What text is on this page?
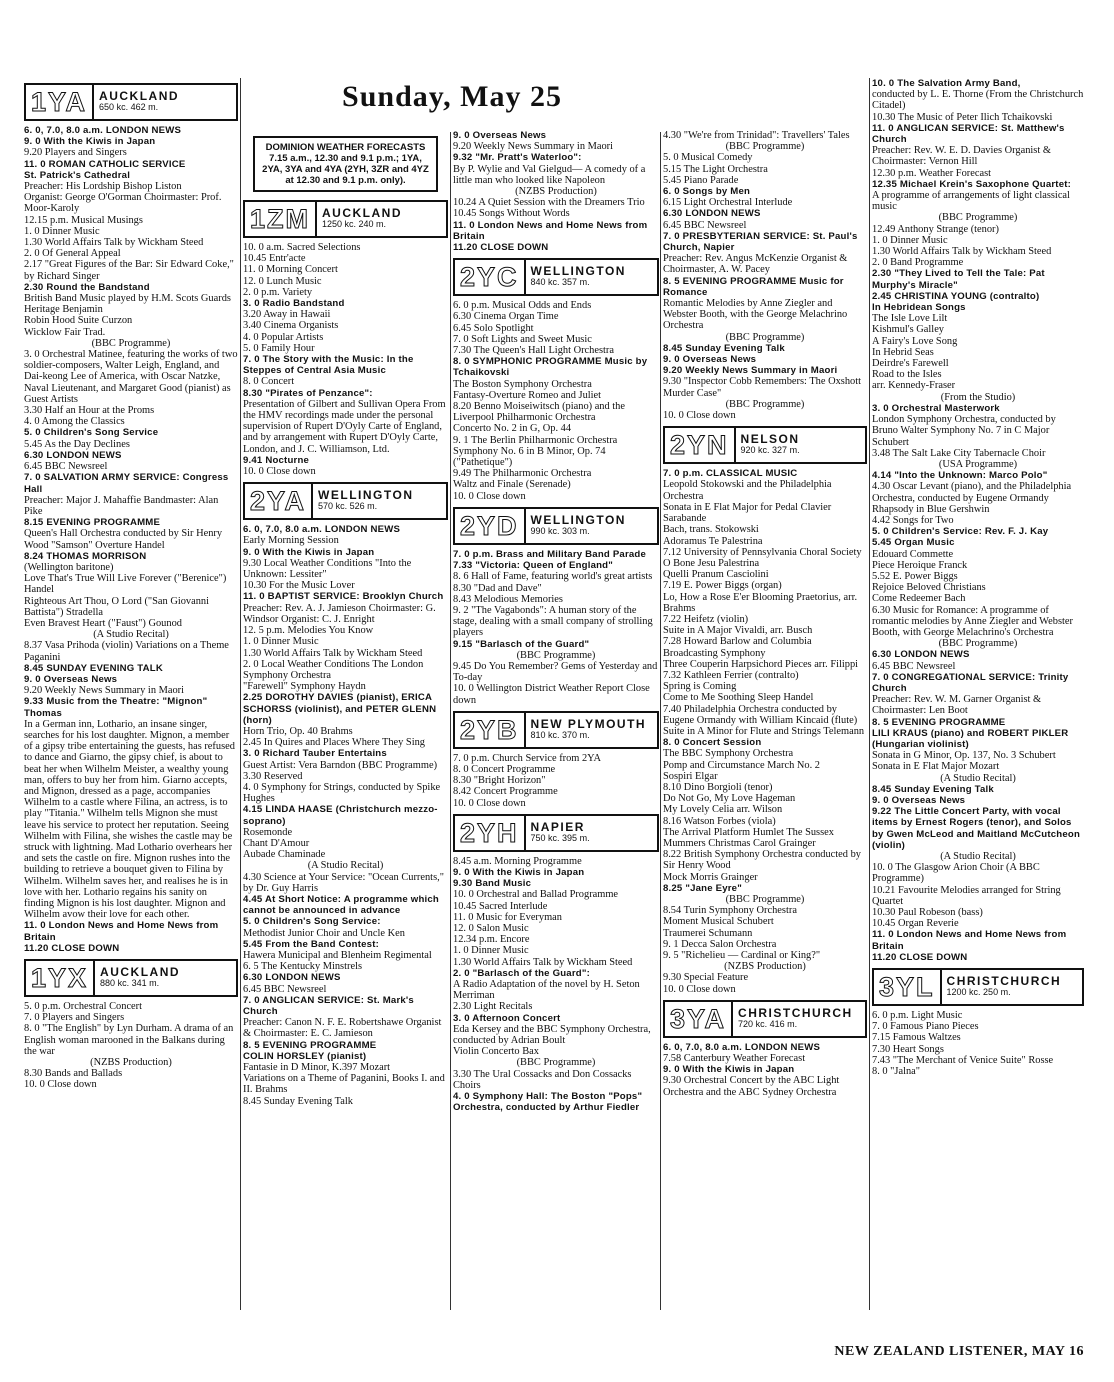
Sunday, May 25
1YA	AUCKLAND
650 kc. 462 m.

6. 0, 7.0, 8.0 a.m. LONDON NEWS

9. 0 With the Kiwis in Japan

9.20 Players and Singers

11. 0 ROMAN CATHOLIC SERVICE

St. Patrick's Cathedral

Preacher: His Lordship Bishop Liston

Organist: George O'Gorman Choirmaster: Prof. Moor-Karoly

12.15 p.m. Musical Musings

1. 0 Dinner Music

1.30 World Affairs Talk by Wickham Steed

2. 0 Of General Appeal

2.17 "Great Figures of the Bar: Sir Edward Coke," by Richard Singer

2.30 Round the Bandstand

British Band Music played by H.M. Scots Guards

Heritage Benjamin

Robin Hood Suite Curzon

Wicklow Fair Trad.

(BBC Programme)

3. 0 Orchestral Matinee, featuring the works of two soldier-composers, Walter Leigh, England, and Dai-keong Lee of America, with Oscar Natzke, Naval Lieutenant, and Margaret Good (pianist) as Guest Artists

3.30 Half an Hour at the Proms

4. 0 Among the Classics

5. 0 Children's Song Service

5.45 As the Day Declines

6.30 LONDON NEWS

6.45 BBC Newsreel

7. 0 SALVATION ARMY SERVICE: Congress Hall

Preacher: Major J. Mahaffie Bandmaster: Alan Pike

8.15 EVENING PROGRAMME

Queen's Hall Orchestra conducted by Sir Henry Wood "Samson" Overture Handel

8.24 THOMAS MORRISON

(Wellington baritone)

Love That's True Will Live Forever ("Berenice") Handel

Righteous Art Thou, O Lord ("San Giovanni Battista") Stradella

Even Bravest Heart ("Faust") Gounod

(A Studio Recital)

8.37 Vasa Prihoda (violin) Variations on a Theme Paganini

8.45 SUNDAY EVENING TALK

9. 0 Overseas News

9.20 Weekly News Summary in Maori

9.33 Music from the Theatre: "Mignon" Thomas

In a German inn, Lothario, an insane singer, searches for his lost daughter. Mignon, a member of a gipsy tribe entertaining the guests, has refused to dance and Giarno, the gipsy chief, is about to beat her when Wilhelm Meister, a wealthy young man, offers to buy her from him. Giarno accepts, and Mignon, dressed as a page, accompanies Wilhelm to a castle where Filina, an actress, is to play "Titania." Wilhelm tells Mignon she must leave his service to protect her reputation. Seeing Wilhelm with Filina, she wishes the castle may be struck with lightning. Mad Lothario overhears her and sets the castle on fire. Mignon rushes into the building to retrieve a bouquet given to Filina by Wilhelm. Wilhelm saves her, and realises he is in love with her. Lothario regains his sanity on finding Mignon is his lost daughter. Mignon and Wilhelm avow their love for each other.

11. 0 London News and Home News from Britain

11.20 CLOSE DOWN

1YX	AUCKLAND
880 kc. 341 m.

5. 0 p.m. Orchestral Concert

7. 0 Players and Singers

8. 0 "The English" by Lyn Durham. A drama of an English woman marooned in the Balkans during the war

(NZBS Production)

8.30 Bands and Ballads

10. 0 Close down

DOMINION WEATHER FORECASTS 7.15 a.m., 12.30 and 9.1 p.m.; 1YA, 2YA, 3YA and 4YA (2YH, 3ZR and 4YZ at 12.30 and 9.1 p.m. only).
1ZM	AUCKLAND
1250 kc. 240 m.

10. 0 a.m. Sacred Selections

10.45 Entr'acte

11. 0 Morning Concert

12. 0 Lunch Music

2. 0 p.m. Variety

3. 0 Radio Bandstand

3.20 Away in Hawaii

3.40 Cinema Organists

4. 0 Popular Artists

5. 0 Family Hour

7. 0 The Story with the Music: In the Steppes of Central Asia Music

8. 0 Concert

8.30 "Pirates of Penzance":

Presentation of Gilbert and Sullivan Opera From the HMV recordings made under the personal supervision of Rupert D'Oyly Carte of England, and by arrangement with Rupert D'Oyly Carte, London, and J. C. Williamson, Ltd.

9.41 Nocturne

10. 0 Close down

2YA	WELLINGTON
570 kc. 526 m.

6. 0, 7.0, 8.0 a.m. LONDON NEWS

Early Morning Session

9. 0 With the Kiwis in Japan

9.30 Local Weather Conditions "Into the Unknown: Lessiter"

10.30 For the Music Lover

11. 0 BAPTIST SERVICE: Brooklyn Church

Preacher: Rev. A. J. Jamieson Choirmaster: G. Windsor Organist: C. J. Enright

12. 5 p.m. Melodies You Know

1. 0 Dinner Music

1.30 World Affairs Talk by Wickham Steed

2. 0 Local Weather Conditions The London Symphony Orchestra

"Farewell" Symphony Haydn

2.25 DOROTHY DAVIES (pianist), ERICA SCHORSS (violinist), and PETER GLENN (horn)

Horn Trio, Op. 40 Brahms

2.45 In Quires and Places Where They Sing

3. 0 Richard Tauber Entertains

Guest Artist: Vera Barndon (BBC Programme)

3.30 Reserved

4. 0 Symphony for Strings, conducted by Spike Hughes

4.15 LINDA HAASE (Christchurch mezzo-soprano)

Rosemonde

Chant D'Amour

Aubade Chaminade

(A Studio Recital)

4.30 Science at Your Service: "Ocean Currents," by Dr. Guy Harris

4.45 At Short Notice: A programme which cannot be announced in advance

5. 0 Children's Song Service:

Methodist Junior Choir and Uncle Ken

5.45 From the Band Contest:

Hawera Municipal and Blenheim Regimental

6. 5 The Kentucky Minstrels

6.30 LONDON NEWS

6.45 BBC Newsreel

7. 0 ANGLICAN SERVICE: St. Mark's Church

Preacher: Canon N. F. E. Robertshawe Organist & Choirmaster: E. C. Jamieson

8. 5 EVENING PROGRAMME

COLIN HORSLEY (pianist)

Fantasie in D Minor, K.397 Mozart

Variations on a Theme of Paganini, Books I. and II. Brahms

8.45 Sunday Evening Talk

9. 0 Overseas News

9.20 Weekly News Summary in Maori

9.32 "Mr. Pratt's Waterloo":

By P. Wylie and Val Gielgud— A comedy of a little man who looked like Napoleon

(NZBS Production)

10.24 A Quiet Session with the Dreamers Trio

10.45 Songs Without Words

11. 0 London News and Home News from Britain

11.20 CLOSE DOWN

2YC	WELLINGTON
840 kc. 357 m.

6. 0 p.m. Musical Odds and Ends

6.30 Cinema Organ Time

6.45 Solo Spotlight

7. 0 Soft Lights and Sweet Music

7.30 The Queen's Hall Light Orchestra

8. 0 SYMPHONIC PROGRAMME Music by Tchaikovski

The Boston Symphony Orchestra

Fantasy-Overture Romeo and Juliet

8.20 Benno Moiseiwitsch (piano) and the Liverpool Philharmonic Orchestra

Concerto No. 2 in G, Op. 44

9. 1 The Berlin Philharmonic Orchestra

Symphony No. 6 in B Minor, Op. 74 ("Pathetique")

9.49 The Philharmonic Orchestra

Waltz and Finale (Serenade)

10. 0 Close down

2YD	WELLINGTON
990 kc. 303 m.

7. 0 p.m. Brass and Military Band Parade

7.33 "Victoria: Queen of England"

8. 6 Hall of Fame, featuring world's great artists

8.30 "Dad and Dave"

8.43 Melodious Memories

9. 2 "The Vagabonds": A human story of the stage, dealing with a small company of strolling players

9.15 "Barlasch of the Guard"

(BBC Programme)

9.45 Do You Remember? Gems of Yesterday and To-day

10. 0 Wellington District Weather Report Close down

2YB	NEW PLYMOUTH
810 kc. 370 m.

7. 0 p.m. Church Service from 2YA

8. 0 Concert Programme

8.30 "Bright Horizon"

8.42 Concert Programme

10. 0 Close down

2YH	NAPIER
750 kc. 395 m.

8.45 a.m. Morning Programme

9. 0 With the Kiwis in Japan

9.30 Band Music

10. 0 Orchestral and Ballad Programme

10.45 Sacred Interlude

11. 0 Music for Everyman

12. 0 Salon Music

12.34 p.m. Encore

1. 0 Dinner Music

1.30 World Affairs Talk by Wickham Steed

2. 0 "Barlasch of the Guard":

A Radio Adaptation of the novel by H. Seton Merriman

2.30 Light Recitals

3. 0 Afternoon Concert

Eda Kersey and the BBC Symphony Orchestra, conducted by Adrian Boult

Violin Concerto Bax

(BBC Programme)

3.30 The Ural Cossacks and Don Cossacks Choirs

4. 0 Symphony Hall: The Boston "Pops" Orchestra, conducted by Arthur Fiedler

4.30 "We're from Trinidad": Travellers' Tales

(BBC Programme)

5. 0 Musical Comedy

5.15 The Light Orchestra

5.45 Piano Parade

6. 0 Songs by Men

6.15 Light Orchestral Interlude

6.30 LONDON NEWS

6.45 BBC Newsreel

7. 0 PRESBYTERIAN SERVICE: St. Paul's Church, Napier

Preacher: Rev. Angus McKenzie Organist & Choirmaster, A. W. Pacey

8. 5 EVENING PROGRAMME Music for Romance

Romantic Melodies by Anne Ziegler and Webster Booth, with the George Melachrino Orchestra

(BBC Programme)

8.45 Sunday Evening Talk

9. 0 Overseas News

9.20 Weekly News Summary in Maori

9.30 "Inspector Cobb Remembers: The Oxshott Murder Case"

(BBC Programme)

10. 0 Close down

2YN	NELSON
920 kc. 327 m.

7. 0 p.m. CLASSICAL MUSIC

Leopold Stokowski and the Philadelphia Orchestra

Sonata in E Flat Major for Pedal Clavier

Sarabande

Bach, trans. Stokowski

Adoramus Te Palestrina

7.12 University of Pennsylvania Choral Society

O Bone Jesu Palestrina

Quelli Pranum Casciolini

7.19 E. Power Biggs (organ)

Lo, How a Rose E'er Blooming Praetorius, arr. Brahms

7.22 Heifetz (violin)

Suite in A Major Vivaldi, arr. Busch

7.28 Howard Barlow and Columbia Broadcasting Symphony

Three Couperin Harpsichord Pieces arr. Filippi

7.32 Kathleen Ferrier (contralto)

Spring is Coming

Come to Me Soothing Sleep Handel

7.40 Philadelphia Orchestra conducted by Eugene Ormandy with William Kincaid (flute)

Suite in A Minor for Flute and Strings Telemann

8. 0 Concert Session

The BBC Symphony Orchestra

Pomp and Circumstance March No. 2

Sospiri Elgar

8.10 Dino Borgioli (tenor)

Do Not Go, My Love Hageman

My Lovely Celia arr. Wilson

8.16 Watson Forbes (viola)

The Arrival Platform Humlet The Sussex Mummers Christmas Carol Grainger

8.22 British Symphony Orchestra conducted by Sir Henry Wood

Mock Morris Grainger

8.25 "Jane Eyre"

(BBC Programme)

8.54 Turin Symphony Orchestra

Moment Musical Schubert

Traumerei Schumann

9. 1 Decca Salon Orchestra

9. 5 "Richelieu — Cardinal or King?"

(NZBS Production)

9.30 Special Feature

10. 0 Close down

3YA	CHRISTCHURCH
720 kc. 416 m.

6. 0, 7.0, 8.0 a.m. LONDON NEWS

7.58 Canterbury Weather Forecast

9. 0 With the Kiwis in Japan

9.30 Orchestral Concert by the ABC Light Orchestra and the ABC Sydney Orchestra

10. 0 The Salvation Army Band,

conducted by L. E. Thorne (From the Christchurch Citadel)

10.30 The Music of Peter Ilich Tchaikovski

11. 0 ANGLICAN SERVICE: St. Matthew's Church

Preacher: Rev. W. E. D. Davies Organist & Choirmaster: Vernon Hill

12.30 p.m. Weather Forecast

12.35 Michael Krein's Saxophone Quartet:

A programme of arrangements of light classical music

(BBC Programme)

12.49 Anthony Strange (tenor)

1. 0 Dinner Music

1.30 World Affairs Talk by Wickham Steed

2. 0 Band Programme

2.30 "They Lived to Tell the Tale: Pat Murphy's Miracle"

2.45 CHRISTINA YOUNG (contralto)

In Hebridean Songs

The Isle Love Lilt

Kishmul's Galley

A Fairy's Love Song

In Hebrid Seas

Deirdre's Farewell

Road to the Isles

arr. Kennedy-Fraser

(From the Studio)

3. 0 Orchestral Masterwork

London Symphony Orchestra, conducted by Bruno Walter Symphony No. 7 in C Major Schubert

3.48 The Salt Lake City Tabernacle Choir

(USA Programme)

4.14 "Into the Unknown: Marco Polo"

4.30 Oscar Levant (piano), and the Philadelphia Orchestra, conducted by Eugene Ormandy Rhapsody in Blue Gershwin

4.42 Songs for Two

5. 0 Children's Service: Rev. F. J. Kay

5.45 Organ Music

Edouard Commette

Piece Heroique Franck

5.52 E. Power Biggs

Rejoice Beloved Christians

Come Redeemer Bach

6.30 Music for Romance: A programme of romantic melodies by Anne Ziegler and Webster Booth, with George Melachrino's Orchestra

(BBC Programme)

6.30 LONDON NEWS

6.45 BBC Newsreel

7. 0 CONGREGATIONAL SERVICE: Trinity Church

Preacher: Rev. W. M. Garner Organist & Choirmaster: Len Boot

8. 5 EVENING PROGRAMME

LILI KRAUS (piano) and ROBERT PIKLER (Hungarian violinist)

Sonata in G Minor, Op. 137, No. 3 Schubert

Sonata in E Flat Major Mozart

(A Studio Recital)

8.45 Sunday Evening Talk

9. 0 Overseas News

9.22 The Little Concert Party, with vocal items by Ernest Rogers (tenor), and Solos by Gwen McLeod and Maitland McCutcheon (violin)

(A Studio Recital)

10. 0 The Glasgow Arion Choir (A BBC Programme)

10.21 Favourite Melodies arranged for String Quartet

10.30 Paul Robeson (bass)

10.45 Organ Reverie

11. 0 London News and Home News from Britain

11.20 CLOSE DOWN

3YL	CHRISTCHURCH
1200 kc. 250 m.

6. 0 p.m. Light Music

7. 0 Famous Piano Pieces

7.15 Famous Waltzes

7.30 Heart Songs

7.43 "The Merchant of Venice Suite" Rosse

8. 0 "Jalna"

NEW ZEALAND LISTENER, MAY 16
